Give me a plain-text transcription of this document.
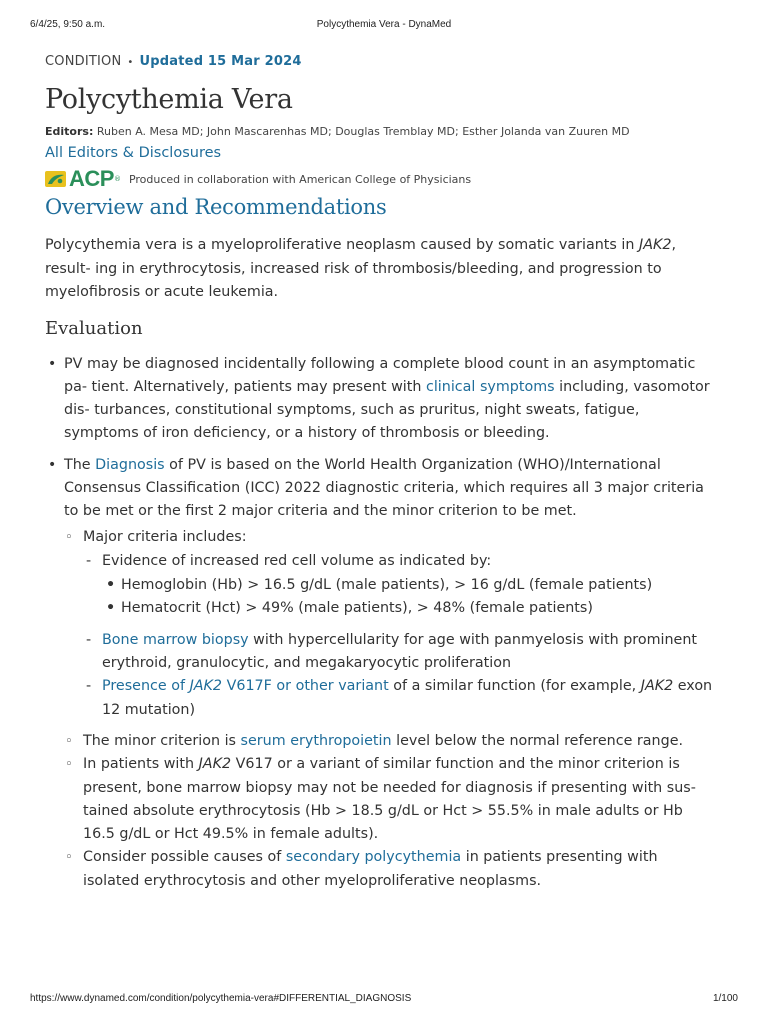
6/4/25, 9:50 a.m.	Polycythemia Vera - DynaMed
CONDITION • Updated 15 Mar 2024
Polycythemia Vera
Editors: Ruben A. Mesa MD; John Mascarenhas MD; Douglas Tremblay MD; Esther Jolanda van Zuuren MD
All Editors & Disclosures
ACP ® Produced in collaboration with American College of Physicians
Overview and Recommendations

Polycythemia vera is a myeloproliferative neoplasm caused by somatic variants in JAK2, result- ing in erythrocytosis, increased risk of thrombosis/bleeding, and progression to myelofibrosis or acute leukemia.

Evaluation
• PV may be diagnosed incidentally following a complete blood count in an asymptomatic pa- tient. Alternatively, patients may present with clinical symptoms including, vasomotor dis- turbances, constitutional symptoms, such as pruritus, night sweats, fatigue, symptoms of iron deficiency, or a history of thrombosis or bleeding.
• The Diagnosis of PV is based on the World Health Organization (WHO)/International Consensus Classification (ICC) 2022 diagnostic criteria, which requires all 3 major criteria to be met or the first 2 major criteria and the minor criterion to be met.
◦ Major criteria includes:
- Evidence of increased red cell volume as indicated by:
• Hemoglobin (Hb) > 16.5 g/dL (male patients), > 16 g/dL (female patients)
• Hematocrit (Hct) > 49% (male patients), > 48% (female patients)
- Bone marrow biopsy with hypercellularity for age with panmyelosis with prominent erythroid, granulocytic, and megakaryocytic proliferation
- Presence of JAK2 V617F or other variant of a similar function (for example, JAK2 exon 12 mutation)
◦ The minor criterion is serum erythropoietin level below the normal reference range.
◦ In patients with JAK2 V617 or a variant of similar function and the minor criterion is present, bone marrow biopsy may not be needed for diagnosis if presenting with sus- tained absolute erythrocytosis (Hb > 18.5 g/dL or Hct > 55.5% in male adults or Hb 16.5 g/dL or Hct 49.5% in female adults).
◦ Consider possible causes of secondary polycythemia in patients presenting with isolated erythrocytosis and other myeloproliferative neoplasms.
https://www.dynamed.com/condition/polycythemia-vera#DIFFERENTIAL_DIAGNOSIS	1/100
